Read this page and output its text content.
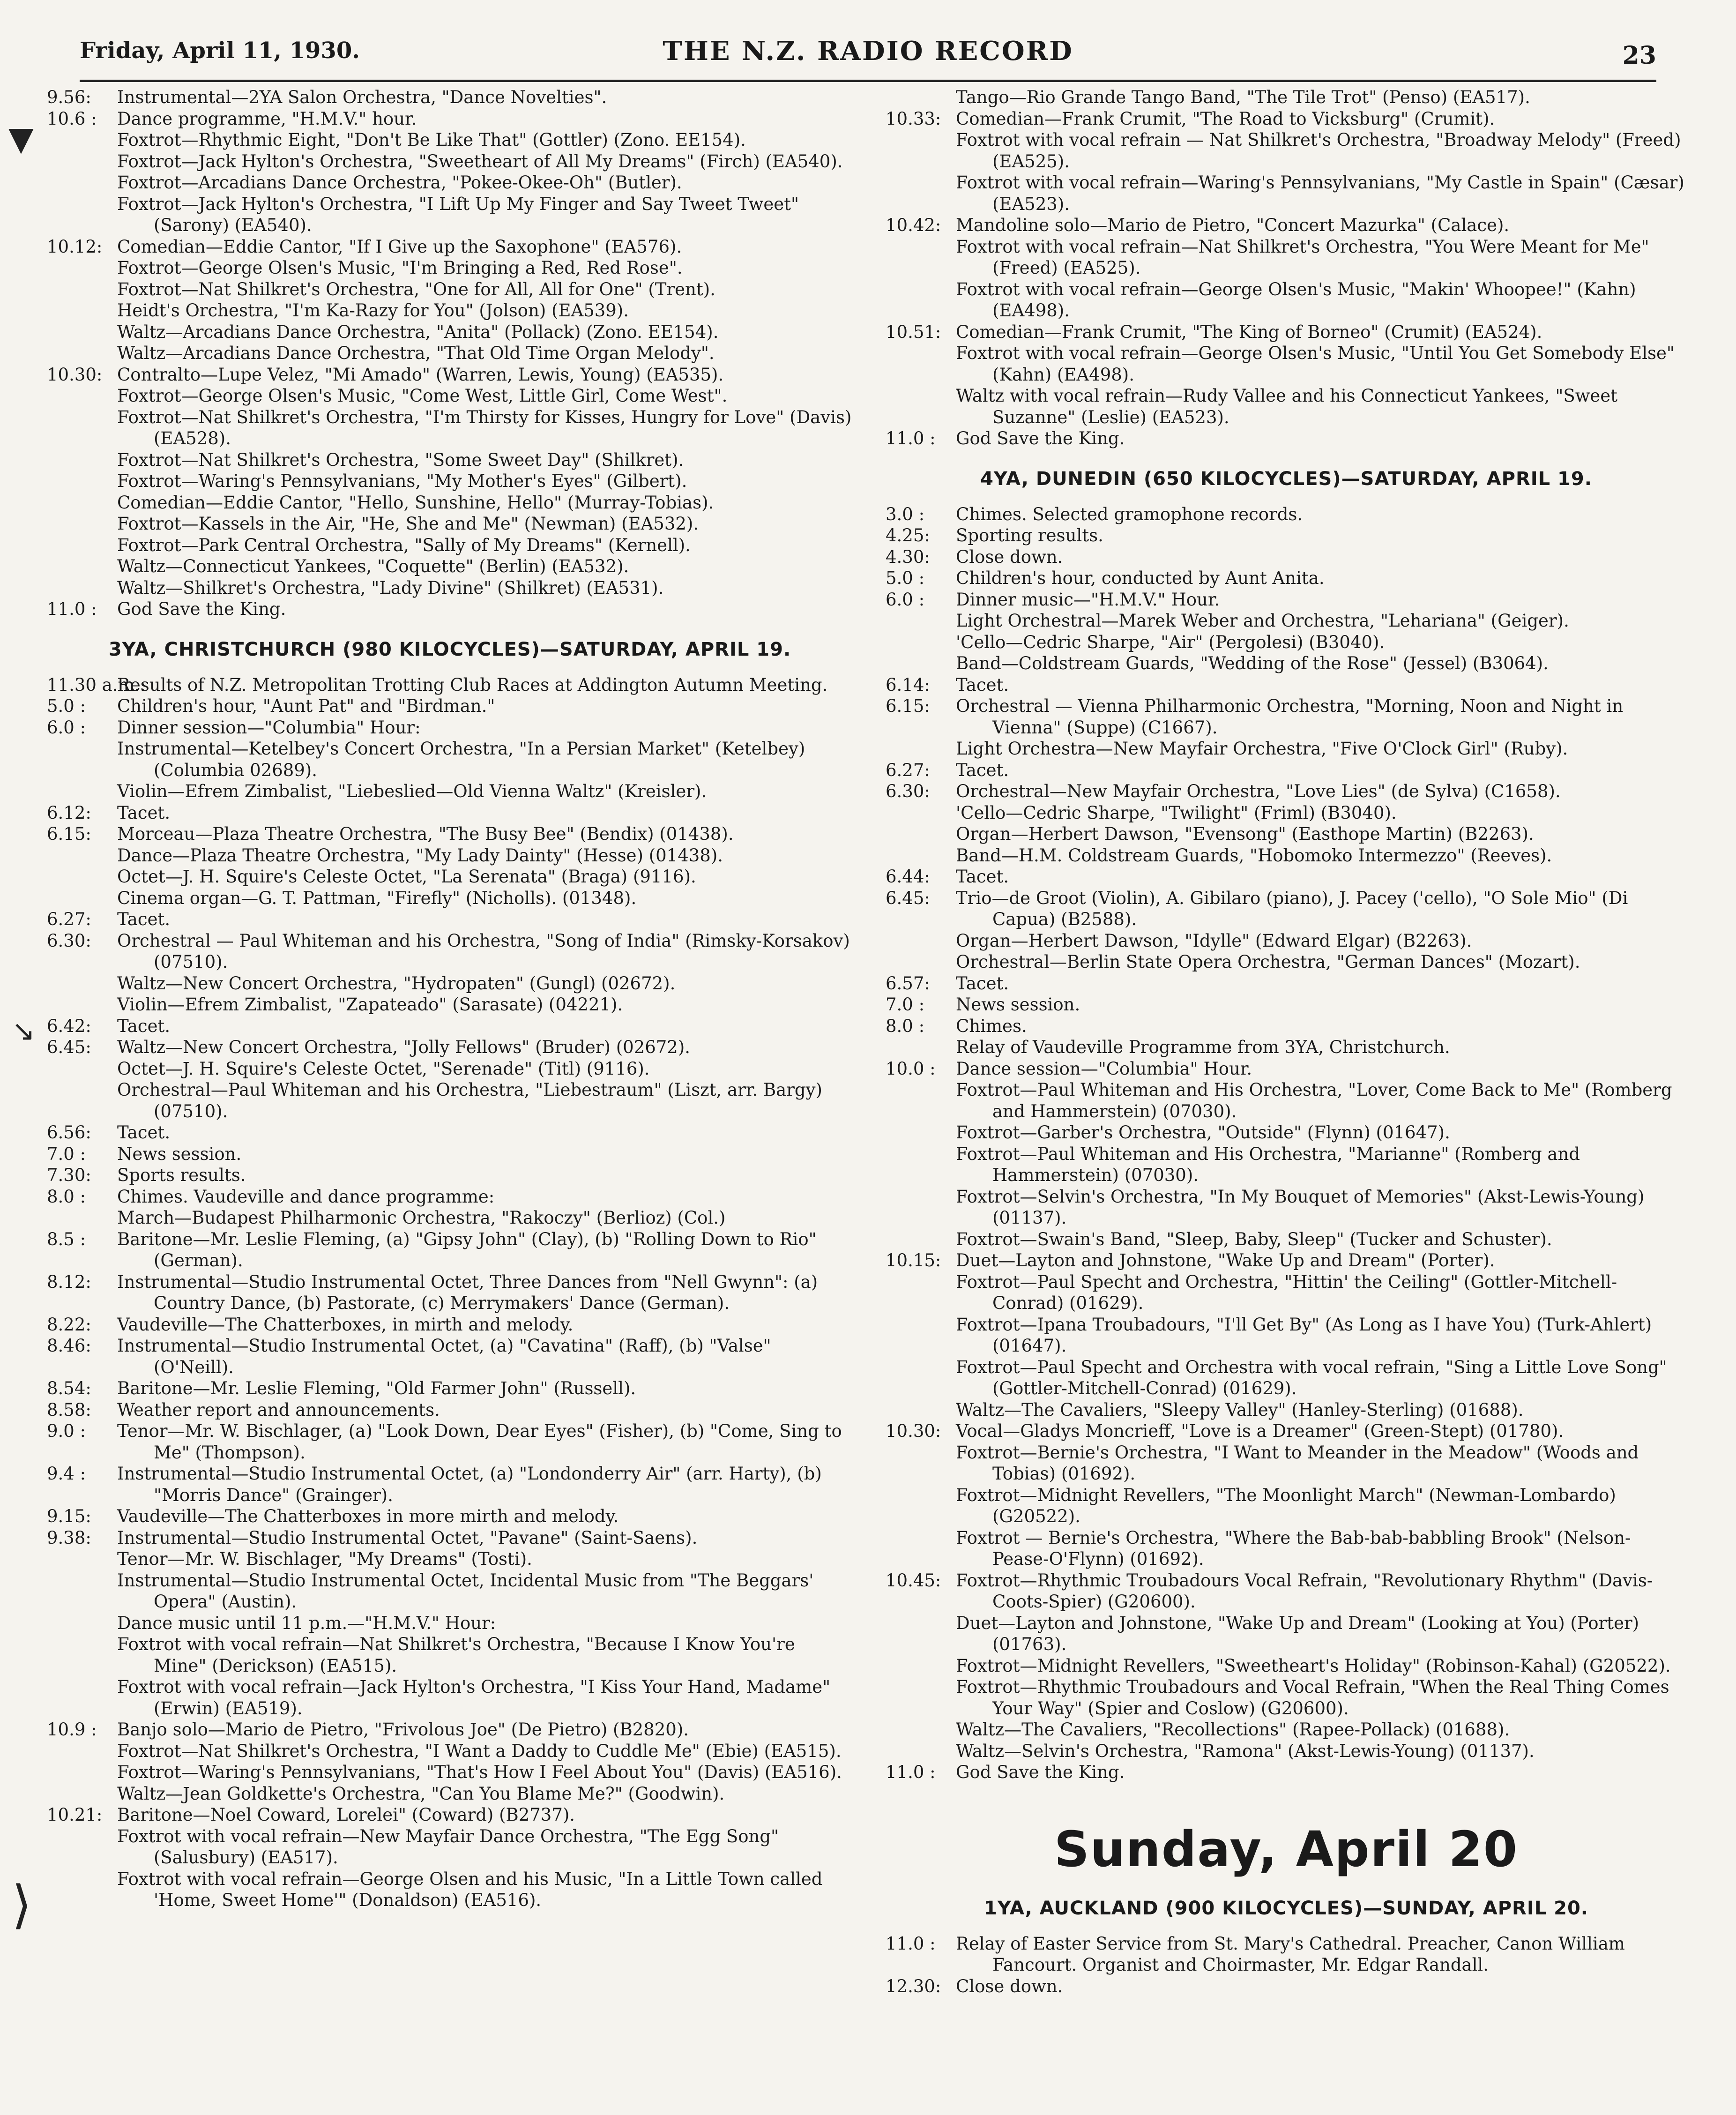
Friday, April 11, 1930.	THE N.Z. RADIO RECORD	23
9.56:	Instrumental—2YA Salon Orchestra, "Dance Novelties".
10.6 :	Dance programme, "H.M.V." hour.
Foxtrot—Rhythmic Eight, "Don't Be Like That" (Gottler) (Zono. EE154).
Foxtrot—Jack Hylton's Orchestra, "Sweetheart of All My Dreams" (Firch) (EA540).
Foxtrot—Arcadians Dance Orchestra, "Pokee-Okee-Oh" (Butler).
Foxtrot—Jack Hylton's Orchestra, "I Lift Up My Finger and Say Tweet Tweet" (Sarony) (EA540).
10.12: Comedian—Eddie Cantor, "If I Give up the Saxophone" (EA576).
Foxtrot—George Olsen's Music, "I'm Bringing a Red, Red Rose".
Foxtrot—Nat Shilkret's Orchestra, "One for All, All for One" (Trent).
Heidt's Orchestra, "I'm Ka-Razy for You" (Jolson) (EA539).
Waltz—Arcadians Dance Orchestra, "Anita" (Pollack) (Zono. EE154).
Waltz—Arcadians Dance Orchestra, "That Old Time Organ Melody".
10.30: Contralto—Lupe Velez, "Mi Amado" (Warren, Lewis, Young) (EA535).
Foxtrot—George Olsen's Music, "Come West, Little Girl, Come West".
Foxtrot—Nat Shilkret's Orchestra, "I'm Thirsty for Kisses, Hungry for Love" (Davis) (EA528).
Foxtrot—Nat Shilkret's Orchestra, "Some Sweet Day" (Shilkret).
Foxtrot—Waring's Pennsylvanians, "My Mother's Eyes" (Gilbert).
Comedian—Eddie Cantor, "Hello, Sunshine, Hello" (Murray-Tobias).
Foxtrot—Kassels in the Air, "He, She and Me" (Newman) (EA532).
Foxtrot—Park Central Orchestra, "Sally of My Dreams" (Kernell).
Waltz—Connecticut Yankees, "Coquette" (Berlin) (EA532).
Waltz—Shilkret's Orchestra, "Lady Divine" (Shilkret) (EA531).
11.0 :	God Save the King.
3YA, CHRISTCHURCH (980 KILOCYCLES)—SATURDAY, APRIL 19.
11.30 a.m.:
Results of N.Z. Metropolitan Trotting Club Races at Addington Autumn Meeting.
5.0 :	Children's hour, "Aunt Pat" and "Birdman."
6.0 :	Dinner session—"Columbia" Hour:
Instrumental—Ketelbey's Concert Orchestra, "In a Persian Market" (Ketelbey) (Columbia 02689).
Violin—Efrem Zimbalist, "Liebeslied—Old Vienna Waltz" (Kreisler).
6.12:	Tacet.
6.15:	Morceau—Plaza Theatre Orchestra, "The Busy Bee" (Bendix) (01438).
Dance—Plaza Theatre Orchestra, "My Lady Dainty" (Hesse) (01438).
Octet—J. H. Squire's Celeste Octet, "La Serenata" (Braga) (9116).
Cinema organ—G. T. Pattman, "Firefly" (Nicholls). (01348).
6.27:	Tacet.
6.30:	Orchestral — Paul Whiteman and his Orchestra, "Song of India" (Rimsky-Korsakov) (07510).
Waltz—New Concert Orchestra, "Hydropaten" (Gungl) (02672).
Violin—Efrem Zimbalist, "Zapateado" (Sarasate) (04221).
6.42:	Tacet.
6.45:	Waltz—New Concert Orchestra, "Jolly Fellows" (Bruder) (02672).
Octet—J. H. Squire's Celeste Octet, "Serenade" (Titl) (9116).
Orchestral—Paul Whiteman and his Orchestra, "Liebestraum" (Liszt, arr. Bargy) (07510).
6.56:	Tacet.
7.0 :	News session.
7.30:	Sports results.
8.0 :	Chimes. Vaudeville and dance programme:
March—Budapest Philharmonic Orchestra, "Rakoczy" (Berlioz) (Col.)
8.5 :	Baritone—Mr. Leslie Fleming, (a) "Gipsy John" (Clay), (b) "Rolling Down to Rio" (German).
8.12:	Instrumental—Studio Instrumental Octet, Three Dances from "Nell Gwynn": (a) Country Dance, (b) Pastorate, (c) Merrymakers' Dance (German).
8.22:	Vaudeville—The Chatterboxes, in mirth and melody.
8.46:	Instrumental—Studio Instrumental Octet, (a) "Cavatina" (Raff), (b) "Valse" (O'Neill).
8.54:	Baritone—Mr. Leslie Fleming, "Old Farmer John" (Russell).
8.58:	Weather report and announcements.
9.0 :	Tenor—Mr. W. Bischlager, (a) "Look Down, Dear Eyes" (Fisher), (b) "Come, Sing to Me" (Thompson).
9.4 :	Instrumental—Studio Instrumental Octet, (a) "Londonderry Air" (arr. Harty), (b) "Morris Dance" (Grainger).
9.15:	Vaudeville—The Chatterboxes in more mirth and melody.
9.38:	Instrumental—Studio Instrumental Octet, "Pavane" (Saint-Saens).
Tenor—Mr. W. Bischlager, "My Dreams" (Tosti).
Instrumental—Studio Instrumental Octet, Incidental Music from "The Beggars' Opera" (Austin).
Dance music until 11 p.m.—"H.M.V." Hour:
Foxtrot with vocal refrain—Nat Shilkret's Orchestra, "Because I Know You're Mine" (Derickson) (EA515).
Foxtrot with vocal refrain—Jack Hylton's Orchestra, "I Kiss Your Hand, Madame" (Erwin) (EA519).
10.9 :	Banjo solo—Mario de Pietro, "Frivolous Joe" (De Pietro) (B2820).
Foxtrot—Nat Shilkret's Orchestra, "I Want a Daddy to Cuddle Me" (Ebie) (EA515).
Foxtrot—Waring's Pennsylvanians, "That's How I Feel About You" (Davis) (EA516).
Waltz—Jean Goldkette's Orchestra, "Can You Blame Me?" (Goodwin).
10.21: Baritone—Noel Coward, Lorelei" (Coward) (B2737).
Foxtrot with vocal refrain—New Mayfair Dance Orchestra, "The Egg Song" (Salusbury) (EA517).
Foxtrot with vocal refrain—George Olsen and his Music, "In a Little Town called 'Home, Sweet Home'" (Donaldson) (EA516).
Tango—Rio Grande Tango Band, "The Tile Trot" (Penso) (EA517).
10.33: Comedian—Frank Crumit, "The Road to Vicksburg" (Crumit).
Foxtrot with vocal refrain — Nat Shilkret's Orchestra, "Broadway Melody" (Freed) (EA525).
Foxtrot with vocal refrain—Waring's Pennsylvanians, "My Castle in Spain" (Cæsar) (EA523).
10.42: Mandoline solo—Mario de Pietro, "Concert Mazurka" (Calace).
Foxtrot with vocal refrain—Nat Shilkret's Orchestra, "You Were Meant for Me" (Freed) (EA525).
Foxtrot with vocal refrain—George Olsen's Music, "Makin' Whoopee!" (Kahn) (EA498).
10.51: Comedian—Frank Crumit, "The King of Borneo" (Crumit) (EA524).
Foxtrot with vocal refrain—George Olsen's Music, "Until You Get Somebody Else" (Kahn) (EA498).
Waltz with vocal refrain—Rudy Vallee and his Connecticut Yankees, "Sweet Suzanne" (Leslie) (EA523).
11.0 :	God Save the King.
4YA, DUNEDIN (650 KILOCYCLES)—SATURDAY, APRIL 19.
3.0 :	Chimes. Selected gramophone records.
4.25:	Sporting results.
4.30:	Close down.
5.0 :	Children's hour, conducted by Aunt Anita.
6.0 :	Dinner music—"H.M.V." Hour.
Light Orchestral—Marek Weber and Orchestra, "Lehariana" (Geiger).
'Cello—Cedric Sharpe, "Air" (Pergolesi) (B3040).
Band—Coldstream Guards, "Wedding of the Rose" (Jessel) (B3064).
6.14:	Tacet.
6.15:	Orchestral — Vienna Philharmonic Orchestra, "Morning, Noon and Night in Vienna" (Suppe) (C1667).
Light Orchestra—New Mayfair Orchestra, "Five O'Clock Girl" (Ruby).
6.27:	Tacet.
6.30:	Orchestral—New Mayfair Orchestra, "Love Lies" (de Sylva) (C1658).
'Cello—Cedric Sharpe, "Twilight" (Friml) (B3040).
Organ—Herbert Dawson, "Evensong" (Easthope Martin) (B2263).
Band—H.M. Coldstream Guards, "Hobomoko Intermezzo" (Reeves).
6.44:	Tacet.
6.45:	Trio—de Groot (Violin), A. Gibilaro (piano), J. Pacey ('cello), "O Sole Mio" (Di Capua) (B2588).
Organ—Herbert Dawson, "Idylle" (Edward Elgar) (B2263).
Orchestral—Berlin State Opera Orchestra, "German Dances" (Mozart).
6.57:	Tacet.
7.0 :	News session.
8.0 :	Chimes.
Relay of Vaudeville Programme from 3YA, Christchurch.
10.0 :	Dance session—"Columbia" Hour.
Foxtrot—Paul Whiteman and His Orchestra, "Lover, Come Back to Me" (Romberg and Hammerstein) (07030).
Foxtrot—Garber's Orchestra, "Outside" (Flynn) (01647).
Foxtrot—Paul Whiteman and His Orchestra, "Marianne" (Romberg and Hammerstein) (07030).
Foxtrot—Selvin's Orchestra, "In My Bouquet of Memories" (Akst-Lewis-Young) (01137).
Foxtrot—Swain's Band, "Sleep, Baby, Sleep" (Tucker and Schuster).
10.15: Duet—Layton and Johnstone, "Wake Up and Dream" (Porter).
Foxtrot—Paul Specht and Orchestra, "Hittin' the Ceiling" (Gottler-Mitchell-Conrad) (01629).
Foxtrot—Ipana Troubadours, "I'll Get By" (As Long as I have You) (Turk-Ahlert) (01647).
Foxtrot—Paul Specht and Orchestra with vocal refrain, "Sing a Little Love Song" (Gottler-Mitchell-Conrad) (01629).
Waltz—The Cavaliers, "Sleepy Valley" (Hanley-Sterling) (01688).
10.30: Vocal—Gladys Moncrieff, "Love is a Dreamer" (Green-Stept) (01780).
Foxtrot—Bernie's Orchestra, "I Want to Meander in the Meadow" (Woods and Tobias) (01692).
Foxtrot—Midnight Revellers, "The Moonlight March" (Newman-Lombardo) (G20522).
Foxtrot — Bernie's Orchestra, "Where the Bab-bab-babbling Brook" (Nelson-Pease-O'Flynn) (01692).
10.45: Foxtrot—Rhythmic Troubadours Vocal Refrain, "Revolutionary Rhythm" (Davis-Coots-Spier) (G20600).
Duet—Layton and Johnstone, "Wake Up and Dream" (Looking at You) (Porter) (01763).
Foxtrot—Midnight Revellers, "Sweetheart's Holiday" (Robinson-Kahal) (G20522).
Foxtrot—Rhythmic Troubadours and Vocal Refrain, "When the Real Thing Comes Your Way" (Spier and Coslow) (G20600).
Waltz—The Cavaliers, "Recollections" (Rapee-Pollack) (01688).
Waltz—Selvin's Orchestra, "Ramona" (Akst-Lewis-Young) (01137).
11.0 :	God Save the King.
Sunday, April 20
1YA, AUCKLAND (900 KILOCYCLES)—SUNDAY, APRIL 20.
11.0 :	Relay of Easter Service from St. Mary's Cathedral. Preacher, Canon William Fancourt. Organist and Choirmaster, Mr. Edgar Randall.
12.30: Close down.
▼
↘
⟩
